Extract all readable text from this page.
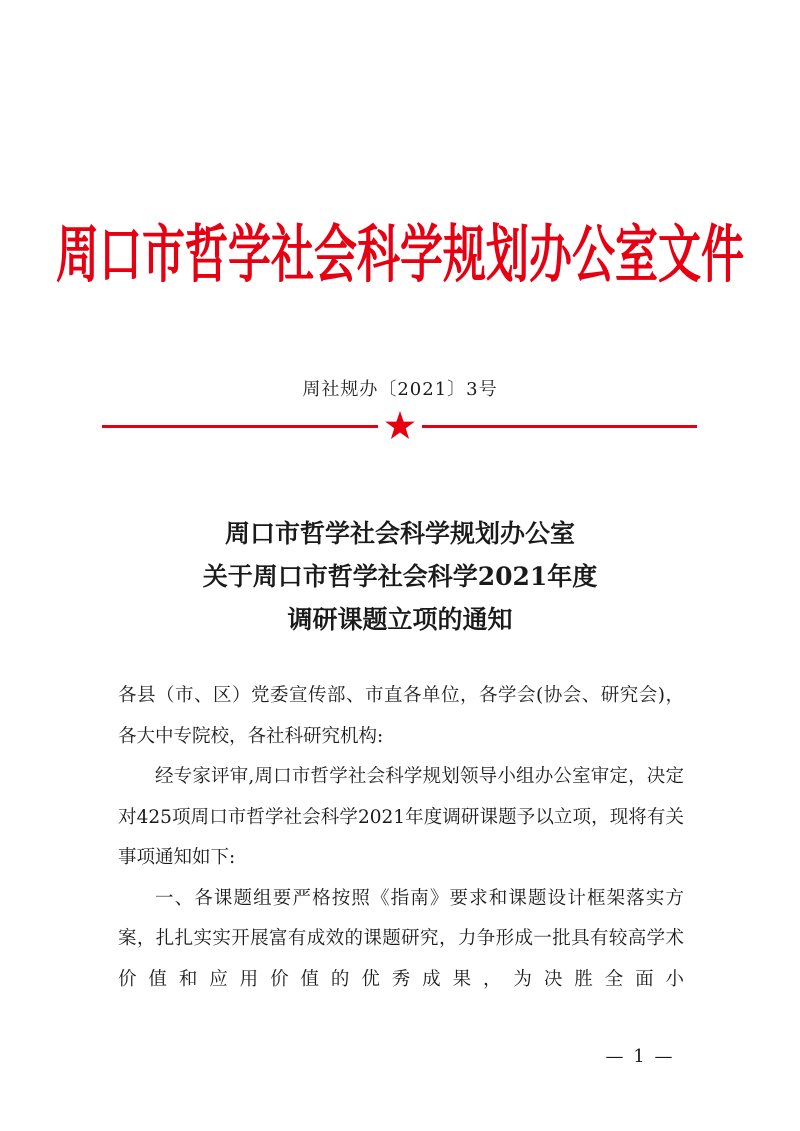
周口市哲学社会科学规划办公室文件
周社规办〔2021〕3号
周口市哲学社会科学规划办公室
关于周口市哲学社会科学2021年度
调研课题立项的通知

各县（市、区）党委宣传部、市直各单位，各学会(协会、研究会)，各大中专院校，各社科研究机构:

经专家评审,周口市哲学社会科学规划领导小组办公室审定，决定对425项周口市哲学社会科学2021年度调研课题予以立项，现将有关事项通知如下:

一、各课题组要严格按照《指南》要求和课题设计框架落实方案，扎扎实实开展富有成效的课题研究，力争形成一批具有较高学术价值和应用价值的优秀成果，为决胜全面小

— 1 —
